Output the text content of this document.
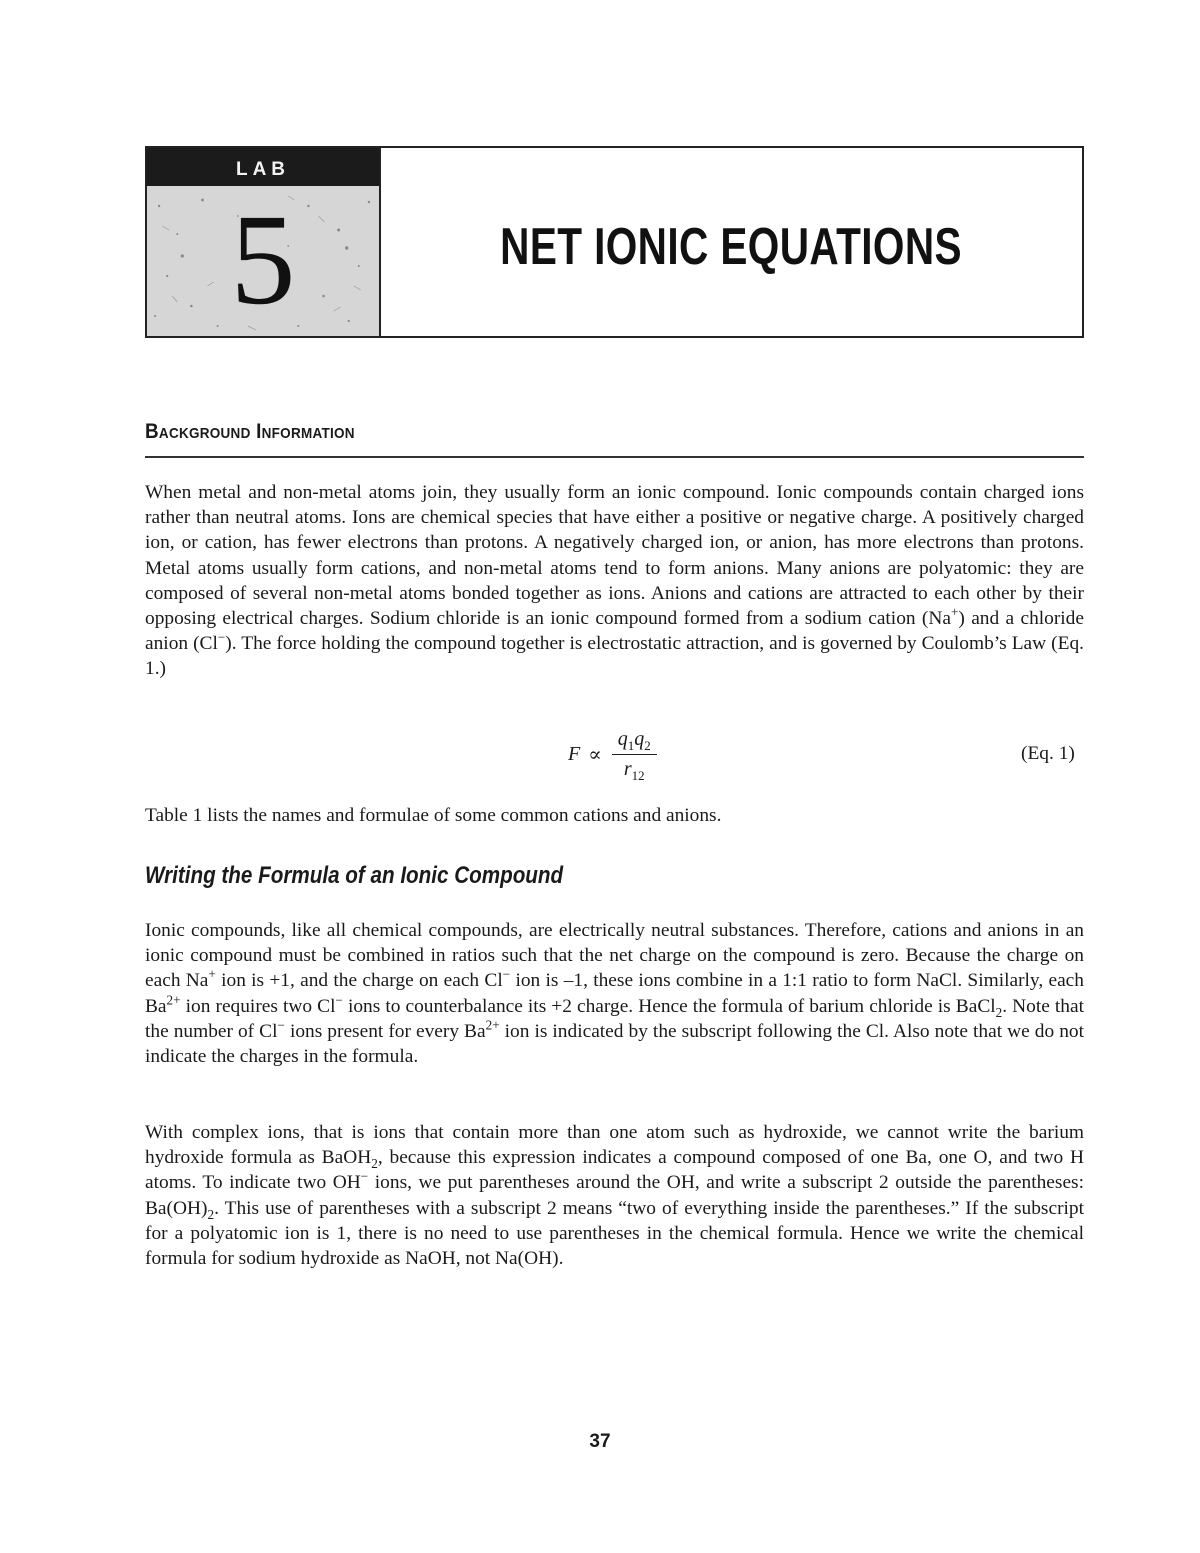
LAB
5	NET IONIC EQUATIONS
Background Information

When metal and non-metal atoms join, they usually form an ionic compound. Ionic compounds contain charged ions rather than neutral atoms. Ions are chemical species that have either a positive or negative charge. A positively charged ion, or cation, has fewer electrons than protons. A negatively charged ion, or anion, has more electrons than protons. Metal atoms usually form cations, and non-metal atoms tend to form anions. Many anions are polyatomic: they are composed of several non-metal atoms bonded together as ions. Anions and cations are attracted to each other by their opposing electrical charges. Sodium chloride is an ionic compound formed from a sodium cation (Na+) and a chloride anion (Cl−). The force holding the compound together is electrostatic attraction, and is governed by Coulomb’s Law (Eq. 1.)

$F \propto \frac{q_1q_2}{r_{12}}$	(Eq. 1)

Table 1 lists the names and formulae of some common cations and anions.

Writing the Formula of an Ionic Compound

Ionic compounds, like all chemical compounds, are electrically neutral substances. Therefore, cations and anions in an ionic compound must be combined in ratios such that the net charge on the compound is zero. Because the charge on each Na+ ion is +1, and the charge on each Cl− ion is –1, these ions combine in a 1:1 ratio to form NaCl. Similarly, each $Ba^{2+}$ ion requires two Cl− ions to counterbalance its +2 charge. Hence the formula of barium chloride is BaCl$_2$. Note that the number of Cl− ions present for every $Ba^{2+}$ ion is indicated by the subscript following the Cl. Also note that we do not indicate the charges in the formula.

With complex ions, that is ions that contain more than one atom such as hydroxide, we cannot write the barium hydroxide formula as BaOH$_2$, because this expression indicates a compound composed of one Ba, one O, and two H atoms. To indicate two OH− ions, we put parentheses around the OH, and write a subscript 2 outside the parentheses: $Ba(OH)_2$. This use of parentheses with a subscript 2 means “two of everything inside the parentheses.” If the subscript for a polyatomic ion is 1, there is no need to use parentheses in the chemical formula. Hence we write the chemical formula for sodium hydroxide as NaOH, not Na(OH).

37
